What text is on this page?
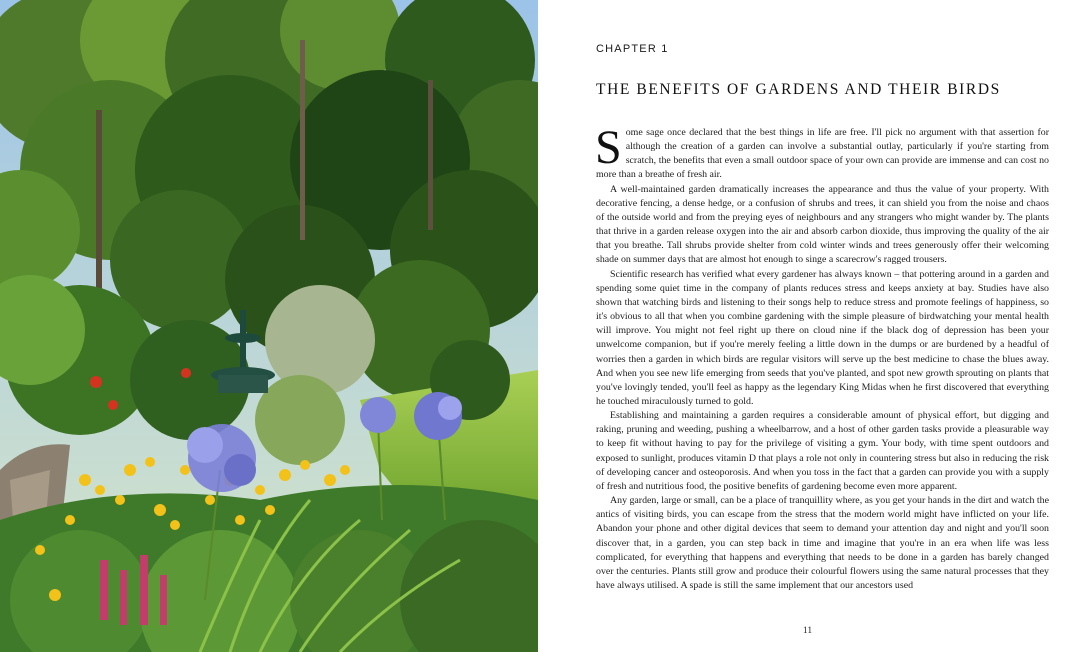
CHAPTER 1
THE BENEFITS OF GARDENS AND THEIR BIRDS

Some sage once declared that the best things in life are free. I'll pick no argument with that assertion for although the creation of a garden can involve a substantial outlay, particularly if you're starting from scratch, the benefits that even a small outdoor space of your own can provide are immense and can cost no more than a breathe of fresh air.

A well-maintained garden dramatically increases the appearance and thus the value of your property. With decorative fencing, a dense hedge, or a confusion of shrubs and trees, it can shield you from the noise and chaos of the outside world and from the preying eyes of neighbours and any strangers who might wander by. The plants that thrive in a garden release oxygen into the air and absorb carbon dioxide, thus improving the quality of the air that you breathe. Tall shrubs provide shelter from cold winter winds and trees generously offer their welcoming shade on summer days that are almost hot enough to singe a scarecrow's ragged trousers.

Scientific research has verified what every gardener has always known – that pottering around in a garden and spending some quiet time in the company of plants reduces stress and keeps anxiety at bay. Studies have also shown that watching birds and listening to their songs help to reduce stress and promote feelings of happiness, so it's obvious to all that when you combine gardening with the simple pleasure of birdwatching your mental health will improve. You might not feel right up there on cloud nine if the black dog of depression has been your unwelcome companion, but if you're merely feeling a little down in the dumps or are burdened by a headful of worries then a garden in which birds are regular visitors will serve up the best medicine to chase the blues away. And when you see new life emerging from seeds that you've planted, and spot new growth sprouting on plants that you've lovingly tended, you'll feel as happy as the legendary King Midas when he first discovered that everything he touched miraculously turned to gold.

Establishing and maintaining a garden requires a considerable amount of physical effort, but digging and raking, pruning and weeding, pushing a wheelbarrow, and a host of other garden tasks provide a pleasurable way to keep fit without having to pay for the privilege of visiting a gym. Your body, with time spent outdoors and exposed to sunlight, produces vitamin D that plays a role not only in countering stress but also in reducing the risk of developing cancer and osteoporosis. And when you toss in the fact that a garden can provide you with a supply of fresh and nutritious food, the positive benefits of gardening become even more apparent.

Any garden, large or small, can be a place of tranquillity where, as you get your hands in the dirt and watch the antics of visiting birds, you can escape from the stress that the modern world might have inflicted on your life. Abandon your phone and other digital devices that seem to demand your attention day and night and you'll soon discover that, in a garden, you can step back in time and imagine that you're in an era when life was less complicated, for everything that happens and everything that needs to be done in a garden has barely changed over the centuries. Plants still grow and produce their colourful flowers using the same natural processes that they have always utilised. A spade is still the same implement that our ancestors used

11
